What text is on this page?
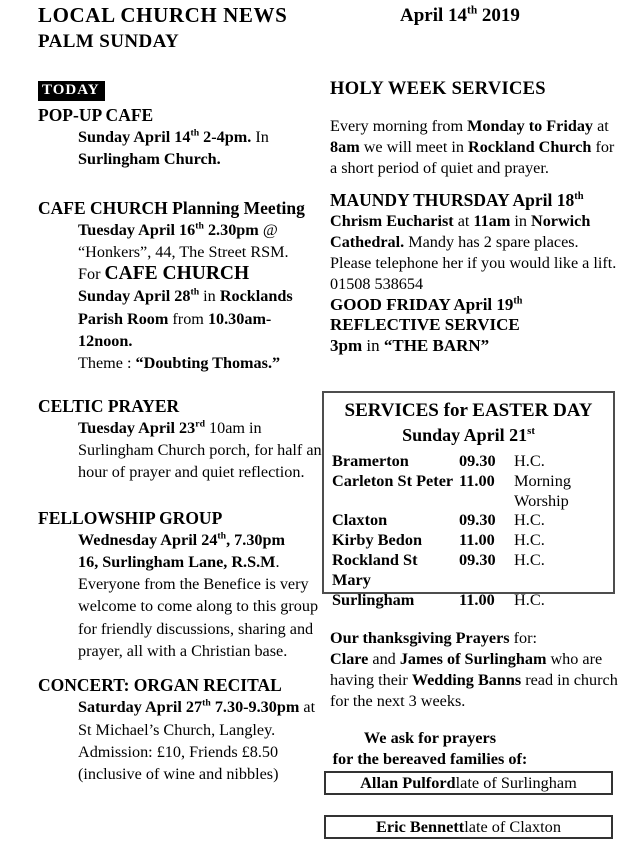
LOCAL CHURCH NEWS	April 14th 2019
PALM SUNDAY
TODAY
POP-UP CAFE
Sunday April 14th 2-4pm. In
Surlingham Church.
CAFE CHURCH Planning Meeting
Tuesday April 16th 2.30pm @
“Honkers”, 44, The Street RSM.
For CAFE CHURCH
Sunday April 28th in Rocklands
Parish Room from 10.30am-12noon.
Theme : “Doubting Thomas.”
CELTIC PRAYER
Tuesday April 23rd 10am in
Surlingham Church porch, for half an
hour of prayer and quiet reflection.
FELLOWSHIP GROUP
Wednesday April 24th, 7.30pm
16, Surlingham Lane, R.S.M.
Everyone from the Benefice is very
welcome to come along to this group
for friendly discussions, sharing and
prayer, all with a Christian base.
CONCERT: ORGAN RECITAL
Saturday April 27th 7.30-9.30pm at
St Michael’s Church, Langley.
Admission: £10, Friends £8.50
(inclusive of wine and nibbles)
HOLY WEEK SERVICES
Every morning from Monday to Friday at
8am we will meet in Rockland Church for
a short period of quiet and prayer.
MAUNDY THURSDAY April 18th
Chrism Eucharist at 11am in Norwich
Cathedral. Mandy has 2 spare places.
Please telephone her if you would like a lift.
01508 538654
GOOD FRIDAY April 19th
REFLECTIVE SERVICE
3pm in “THE BARN”
SERVICES for EASTER DAY
Sunday April 21st
Bramerton	09.30	H.C.
Carleton St Peter 11.00	Morning Worship
Claxton	09.30	H.C.
Kirby Bedon	11.00	H.C.
Rockland St Mary
09.30	H.C.
Surlingham	11.00	H.C.
Our thanksgiving Prayers for:
Clare and James of Surlingham who are
having their Wedding Banns read in church
for the next 3 weeks.
We ask for prayers
for the bereaved families of:
Allan Pulford late of Surlingham
Eric Bennett late of Claxton
